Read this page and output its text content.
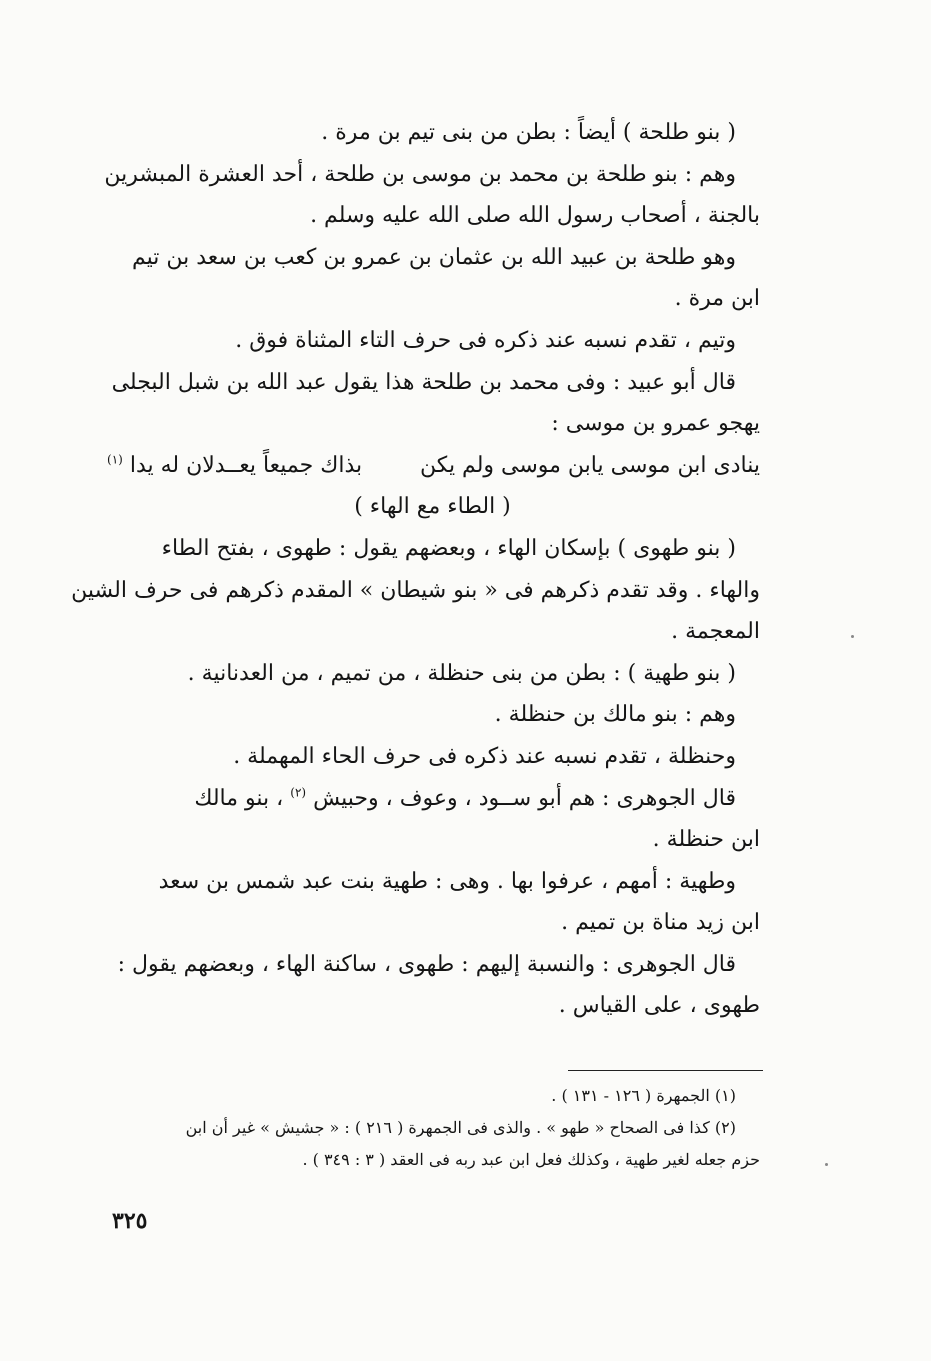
( بنو طلحة ) أيضاً : بطن من بنى تيم بن مرة .
وهم : بنو طلحة بن محمد بن موسى بن طلحة ، أحد العشرة المبشرين
بالجنة ، أصحاب رسول الله صلى الله عليه وسلم .
وهو طلحة بن عبيد الله بن عثمان بن عمرو بن كعب بن سعد بن تيم
ابن مرة .
وتيم ، تقدم نسبه عند ذكره فى حرف التاء المثناة فوق .
قال أبو عبيد : وفى محمد بن طلحة هذا يقول عبد الله بن شبل البجلى
يهجو عمرو بن موسى :
ينادى ابن موسى يابن موسى ولم يكن
بذاك جميعاً يعــدلان له يدا $^{(١)}$
( الطاء مع الهاء )
( بنو طهوى ) بإسكان الهاء ، وبعضهم يقول : طهوى ، بفتح الطاء
والهاء . وقد تقدم ذكرهم فى « بنو شيطان » المقدم ذكرهم فى حرف الشين
المعجمة .
( بنو طهية ) : بطن من بنى حنظلة ، من تميم ، من العدنانية .
وهم : بنو مالك بن حنظلة .
وحنظلة ، تقدم نسبه عند ذكره فى حرف الحاء المهملة .
قال الجوهرى : هم أبو ســود ، وعوف ، وحبيش $^{(٢)}$ ، بنو مالك
ابن حنظلة .
وطهية : أمهم ، عرفوا بها . وهى : طهية بنت عبد شمس بن سعد
ابن زيد مناة بن تميم .
قال الجوهرى : والنسبة إليهم : طهوى ، ساكنة الهاء ، وبعضهم يقول :
طهوى ، على القياس .
(١) الجمهرة ( ١٢٦ - ١٣١ ) .
(٢) كذا فى الصحاح « طهو » . والذى فى الجمهرة ( ٢١٦ ) : « جشيش » غير أن ابن
حزم جعله لغير طهية ، وكذلك فعل ابن عبد ربه فى العقد ( ٣ : ٣٤٩ ) .
٣٢٥
